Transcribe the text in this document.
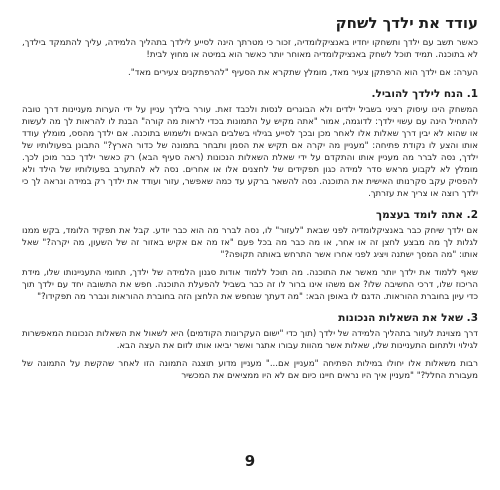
עודד את ילדך לשחק

כאשר תשב עם ילדך ותשחקו יחדיו באנציקלומדיה, זכור כי מטרתך הינה לסייע לילדך בתהליך הלמידה, עליך להתמקד בילדך, לא בתוכנה. תמיד תוכל לשחק באנציקלומדיה מאוחר יותר כאשר הוא במיטה או מחוץ לבית!

הערה: אם ילדך הוא הרפתקן צעיר מאד, מומלץ שתקרא את הסעיף "להרפתקנים צעירים מאד".

1. הנח לילדך להוביל.

המשחק הינו עיסוק רציני בשביל ילדים ולא הבוגרים לנסות ולכבד זאת. עורר בילדך עניין על ידי הערות מעניינות דרך טובה להתחיל הינה עם עשוי ילדך: לדוגמה, אמור "אתה מקיש על התמונות בכדי לראות מה קורה" הבנת לו להראות לך מה לעשות או שהוא לא יבין דרך שאלות אלו לאחר מכן ובכך לסייע בגילוי בשלבים הבאים ולשמוש בתוכנה. אם ילדך מהסס, מומלץ עודד אותו והצע לו נקודת פתיחה: "מעניין מה יקרה אם תקיש את הסמן ותבחר בתמונה של כדור הארץ?" התבונן בפעולותיו של ילדך, נסה לברר מה מעניין אותו והתקדם על ידי שאלת השאלות הנכונות (ראה סעיף הבא) רק כאשר ילדך כבר מוכן לכך. מומלץ לא לקבוע מראש סדר למידה כגון תפקידים של לחצנים אלו או אחרים. נסה לא להתערב בפעולותיו של הילד ולא להפסיק עקב סקרנותו האישית את התוכנה. נסה להשאר ברקע עד כמה שאפשר, עזור ועודד את ילדך רק במידה ונראה לך כי ילדך רוצה או צריך את עזרתך.

2. אתה לומד בעצמך

אם ילדך שיחק כבר באנציקלומדיה לפני שבאת "לעזור" לו, נסה לברר מה הוא כבר יודע. קבל את תפקיד הלומד, בקש ממנו לגלות לך מה מבצע לחצן זה או אחר, או מה כבר מה בכל פעם "אז מה אם אקיש באזור זה של השעון, מה יקרה?" שאל אותו: "מה המסך ישתנה ויציג לפני אחרו אשר התרחש באותה תקופה?"

שאף ללמוד את ילדך יותר מאשר את התוכנה. מה תוכל ללמוד אודות סגנון הלמידה של ילדך, תחומי התעניינותו שלו, מידת הריכוז שלו, דרכי החשיבה שלו? אם משהו אינו ברור לו זה כבר בשביל להפעלת התוכנה. חפש את התשובה יחד עם ילדך תוך כדי עיון בחוברת ההוראות. הדגם לו באופן הבא: "מה דעתך שנחפש את הלחצן הזה בחוברת ההוראות ונברר מה תפקידו?"

3. שאל את השאלות הנכונות

דרך מצוינת לעזור בתהליך הלמידה של ילדך (תוך כדי "ישום העקרונות הקודמים) היא לשאול את השאלות הנכונות המאפשרות לגילוי ולתחום התעניינות שלו, שאלות אשר מהוות עבורו אתגר ואשר יביאו אותו לזום את העצה הבא.

רבות משאלות אלו יחולו במילות הפתיחה "מעניין אם..." מעניין מדוע תוצגה התמונה הזו לאחר שהקשת על התמונה של מעבורת החלל?" "מעניין איך היו נראים חיינו כיום אם לא היו ממציאים את המכשיר

9
